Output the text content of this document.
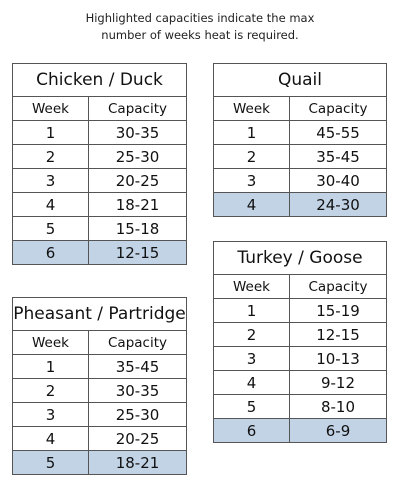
Highlighted capacities indicate the max
number of weeks heat is required.
Chicken / Duck	
Week	Capacity
1	30-35
2	25-30
3	20-25
4	18-21
5	15-18
6	12-15
Quail	
Week	Capacity
1	45-55
2	35-45
3	30-40
4	24-30
Turkey / Goose	
Week	Capacity
1	15-19
2	12-15
3	10-13
4	9-12
5	8-10
6	6-9
Pheasant / Partridge	
Week	Capacity
1	35-45
2	30-35
3	25-30
4	20-25
5	18-21
